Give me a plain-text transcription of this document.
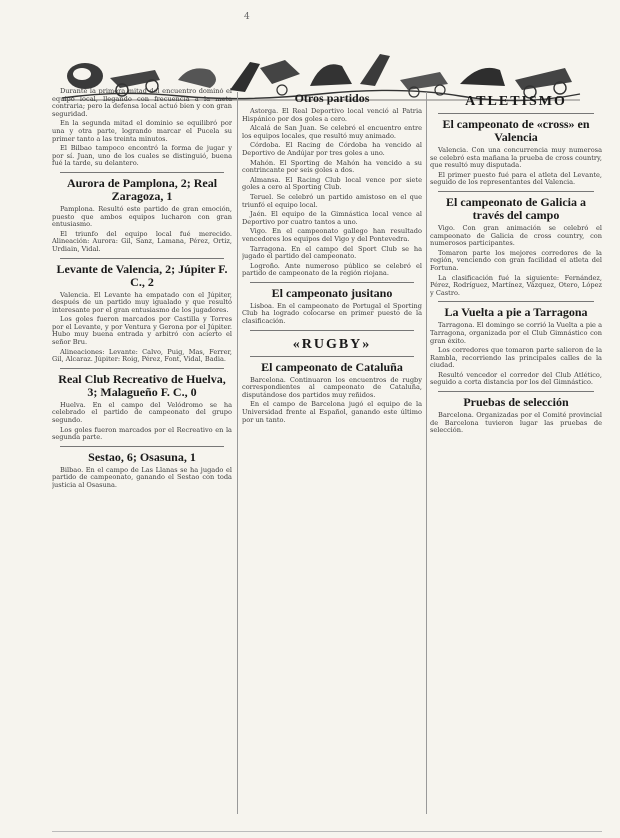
4

Durante la primera mitad del encuentro dominó el equipo local, llegando con frecuencia a la meta contraria; pero la defensa local actuó bien y con gran seguridad.

En la segunda mitad el dominio se equilibró por una y otra parte, logrando marcar el Pucela su primer tanto a las treinta minutos.

El Bilbao tampoco encontró la forma de jugar y por sí. Juan, uno de los cuales se distinguió, buena fué la tarde, su delantero.

Aurora de Pamplona, 2; Real Zaragoza, 1

Pamplona. Resultó este partido de gran emoción, puesto que ambos equipos lucharon con gran entusiasmo.

El triunfo del equipo local fué merecido. Alineación: Aurora: Gil, Sanz, Lamana, Pérez, Ortiz, Urdiain, Vidal.

Levante de Valencia, 2; Júpiter F. C., 2

Valencia. El Levante ha empatado con el Júpiter, después de un partido muy igualado y que resultó interesante por el gran entusiasmo de los jugadores.

Los goles fueron marcados por Castilla y Torres por el Levante, y por Ventura y Gerona por el Júpiter. Hubo muy buena entrada y arbitró con acierto el señor Bru.

Alineaciones: Levante: Calvo, Puig, Mas, Ferrer, Gil, Alcaraz. Júpiter: Roig, Pérez, Font, Vidal, Badia.

Real Club Recreativo de Huelva, 3; Malagueño F. C., 0

Huelva. En el campo del Velódromo se ha celebrado el partido de campeonato del grupo segundo.

Los goles fueron marcados por el Recreativo en la segunda parte.

Sestao, 6; Osasuna, 1

Bilbao. En el campo de Las Llanas se ha jugado el partido de campeonato, ganando el Sestao con toda justicia al Osasuna.

Otros partidos

Astorga. El Real Deportivo local venció al Patria Hispánico por dos goles a cero.

Alcalá de San Juan. Se celebró el encuentro entre los equipos locales, que resultó muy animado.

Córdoba. El Racing de Córdoba ha vencido al Deportivo de Andújar por tres goles a uno.

Mahón. El Sporting de Mahón ha vencido a su contrincante por seis goles a dos.

Almansa. El Racing Club local vence por siete goles a cero al Sporting Club.

Teruel. Se celebró un partido amistoso en el que triunfó el equipo local.

Jaén. El equipo de la Gimnástica local vence al Deportivo por cuatro tantos a uno.

Vigo. En el campeonato gallego han resultado vencedores los equipos del Vigo y del Pontevedra.

Tarragona. En el campo del Sport Club se ha jugado el partido del campeonato.

Logroño. Ante numeroso público se celebró el partido de campeonato de la región riojana.

El campeonato jusitano

Lisboa. En el campeonato de Portugal el Sporting Club ha logrado colocarse en primer puesto de la clasificación.

«RUGBY»
El campeonato de Cataluña

Barcelona. Continuaron los encuentros de rugby correspondientes al campeonato de Cataluña, disputándose dos partidos muy reñidos.

En el campo de Barcelona jugó el equipo de la Universidad frente al Español, ganando este último por un tanto.

ATLETISMO
El campeonato de «cross» en Valencia

Valencia. Con una concurrencia muy numerosa se celebró esta mañana la prueba de cross country, que resultó muy disputada.

El primer puesto fué para el atleta del Levante, seguido de los representantes del Valencia.

El campeonato de Galicia a través del campo

Vigo. Con gran animación se celebró el campeonato de Galicia de cross country, con numerosos participantes.

Tomaron parte los mejores corredores de la región, venciendo con gran facilidad el atleta del Fortuna.

La clasificación fué la siguiente: Fernández, Pérez, Rodríguez, Martínez, Vázquez, Otero, López y Castro.

La Vuelta a pie a Tarragona

Tarragona. El domingo se corrió la Vuelta a pie a Tarragona, organizada por el Club Gimnástico con gran éxito.

Los corredores que tomaron parte salieron de la Rambla, recorriendo las principales calles de la ciudad.

Resultó vencedor el corredor del Club Atlético, seguido a corta distancia por los del Gimnástico.

Pruebas de selección

Barcelona. Organizadas por el Comité provincial de Barcelona tuvieron lugar las pruebas de selección.
